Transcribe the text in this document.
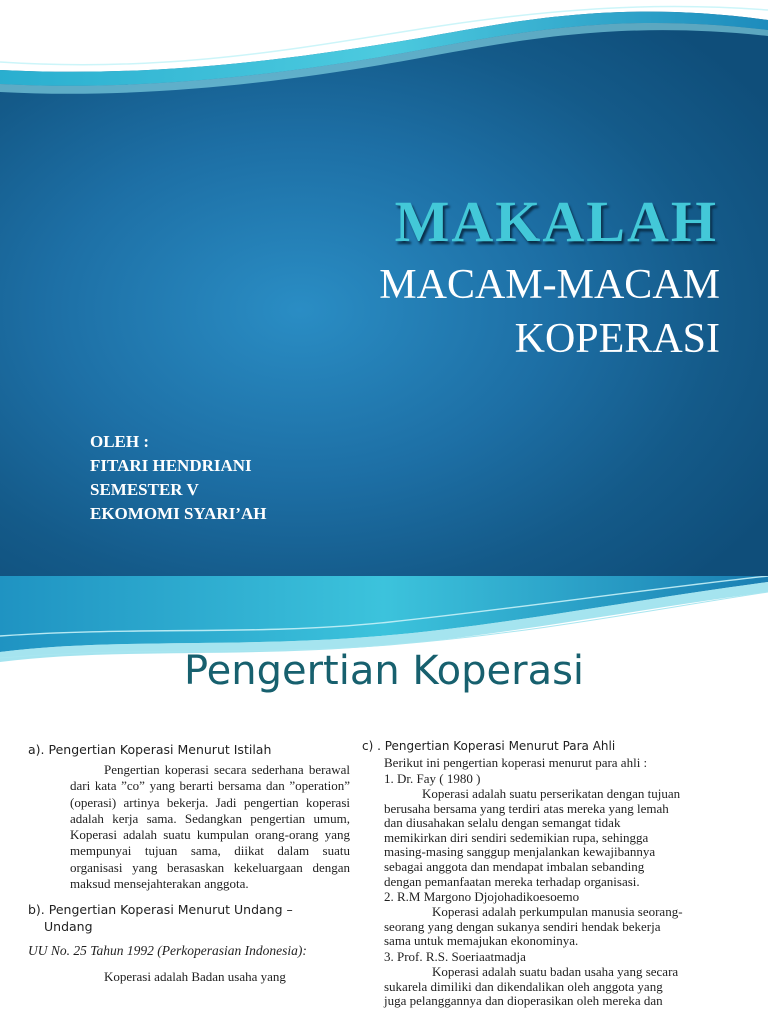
MAKALAH
MACAM-MACAM
KOPERASI
OLEH :
FITARI HENDRIANI
SEMESTER V
EKOMOMI SYARI’AH
Pengertian Koperasi
a). Pengertian Koperasi Menurut Istilah
Pengertian koperasi secara sederhana berawal dari kata ”co” yang berarti bersama dan ”operation” (operasi) artinya bekerja. Jadi pengertian koperasi adalah kerja sama. Sedangkan pengertian umum, Koperasi adalah suatu kumpulan orang-orang yang mempunyai tujuan sama, diikat dalam suatu organisasi yang berasaskan kekeluargaan dengan maksud mensejahterakan anggota.
b). Pengertian Koperasi Menurut Undang –
Undang
UU No. 25 Tahun 1992 (Perkoperasian Indonesia):
Koperasi adalah Badan usaha yang
c) . Pengertian Koperasi Menurut Para Ahli
Berikut ini pengertian koperasi menurut para ahli :
1. Dr. Fay ( 1980 )
Koperasi adalah suatu perserikatan dengan tujuan
berusaha bersama yang terdiri atas mereka yang lemah
dan diusahakan selalu dengan semangat tidak
memikirkan diri sendiri sedemikian rupa, sehingga
masing-masing sanggup menjalankan kewajibannya
sebagai anggota dan mendapat imbalan sebanding
dengan pemanfaatan mereka terhadap organisasi.
2. R.M Margono Djojohadikoesoemo
Koperasi adalah perkumpulan manusia seorang-
seorang yang dengan sukanya sendiri hendak bekerja
sama untuk memajukan ekonominya.
3. Prof. R.S. Soeriaatmadja
Koperasi adalah suatu badan usaha yang secara
sukarela dimiliki dan dikendalikan oleh anggota yang
juga pelanggannya dan dioperasikan oleh mereka dan
